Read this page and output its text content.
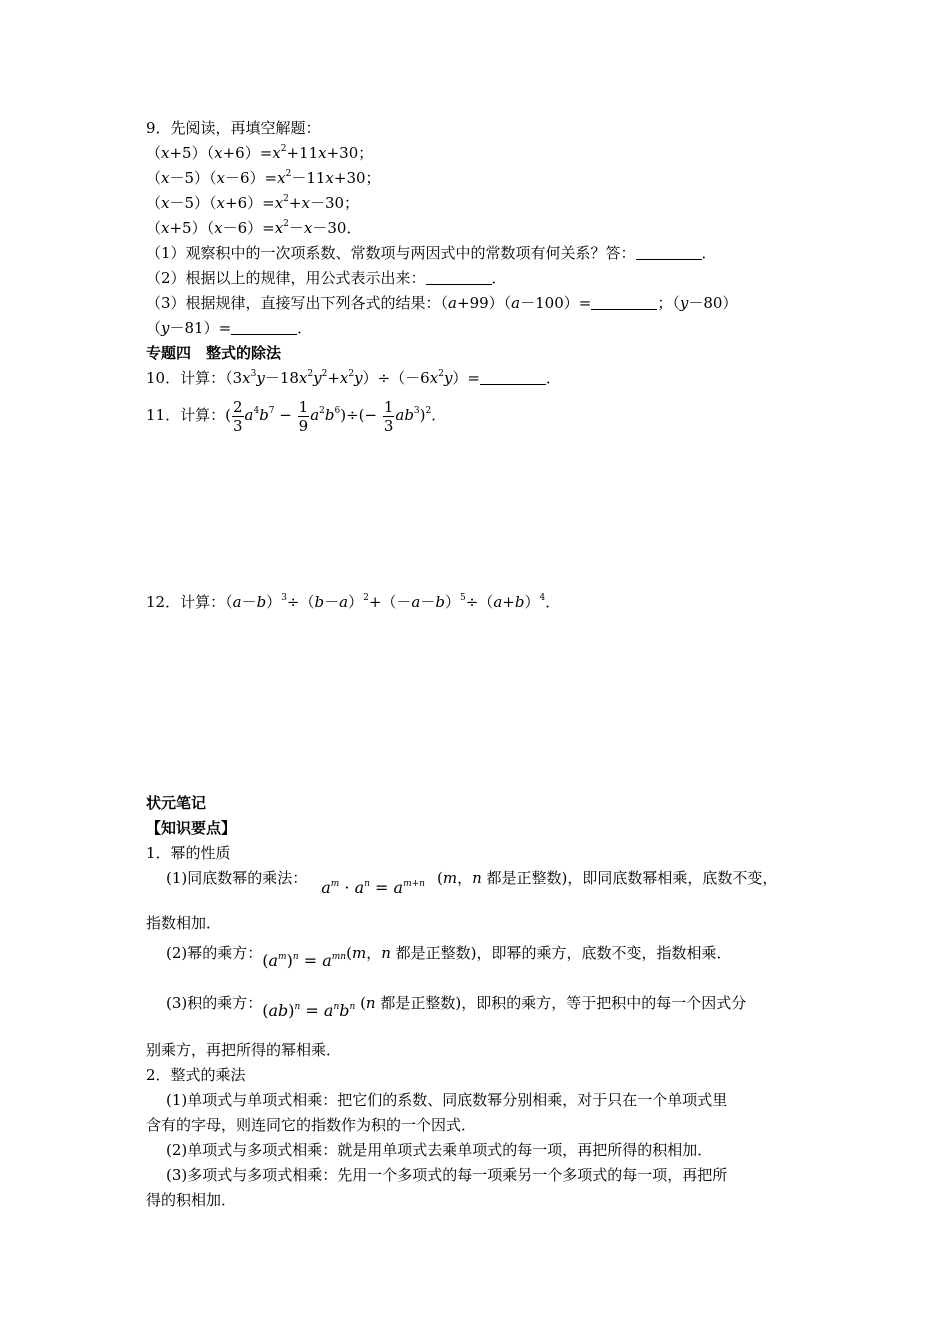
9．先阅读，再填空解题：
$(x+5)(x+6)=x^2+11x+30$；
$(x-5)(x-6)=x^2-11x+30$；
$(x-5)(x+6)=x^2+x-30$；
$(x+5)(x-6)=x^2-x-30$．
（1）观察积中的一次项系数、常数项与两因式中的常数项有何关系？答：	．
（2）根据以上的规律，用公式表示出来：	．
（3）根据规律，直接写出下列各式的结果：（a+99）（a－100）=	；（y－80）
（y－81）=	．
专题四　整式的除法
10．计算：$(3x^3y-18x^2y^2+x^2y)\div(-6x^2y)=$	．
11．计算：( $\frac{2}{3} a^4b^7 - \frac{1}{9} a^2b^6)\div(- \frac{1}{3} ab^3)^2$．
12．计算：$(a-b)^3\div(b-a)^2+(-a-b)^5\div(a+b)^4$．
状元笔记
【知识要点】
1．幂的性质
(1)同底数幂的乘法： $a^m \cdot a^n = a^{m+n}$ (m，n 都是正整数)，即同底数幂相乘，底数不变，
指数相加．
(2)幂的乘方：$(a^m)^n = a^{mn}(m$，n 都是正整数)，即幂的乘方，底数不变，指数相乘．
(3)积的乘方：$(ab)^n = a^nb^n$ (n 都是正整数)，即积的乘方，等于把积中的每一个因式分
别乘方，再把所得的幂相乘．
2．整式的乘法
(1)单项式与单项式相乘：把它们的系数、同底数幂分别相乘，对于只在一个单项式里
含有的字母，则连同它的指数作为积的一个因式．
(2)单项式与多项式相乘：就是用单项式去乘单项式的每一项，再把所得的积相加．
(3)多项式与多项式相乘：先用一个多项式的每一项乘另一个多项式的每一项，再把所
得的积相加．
